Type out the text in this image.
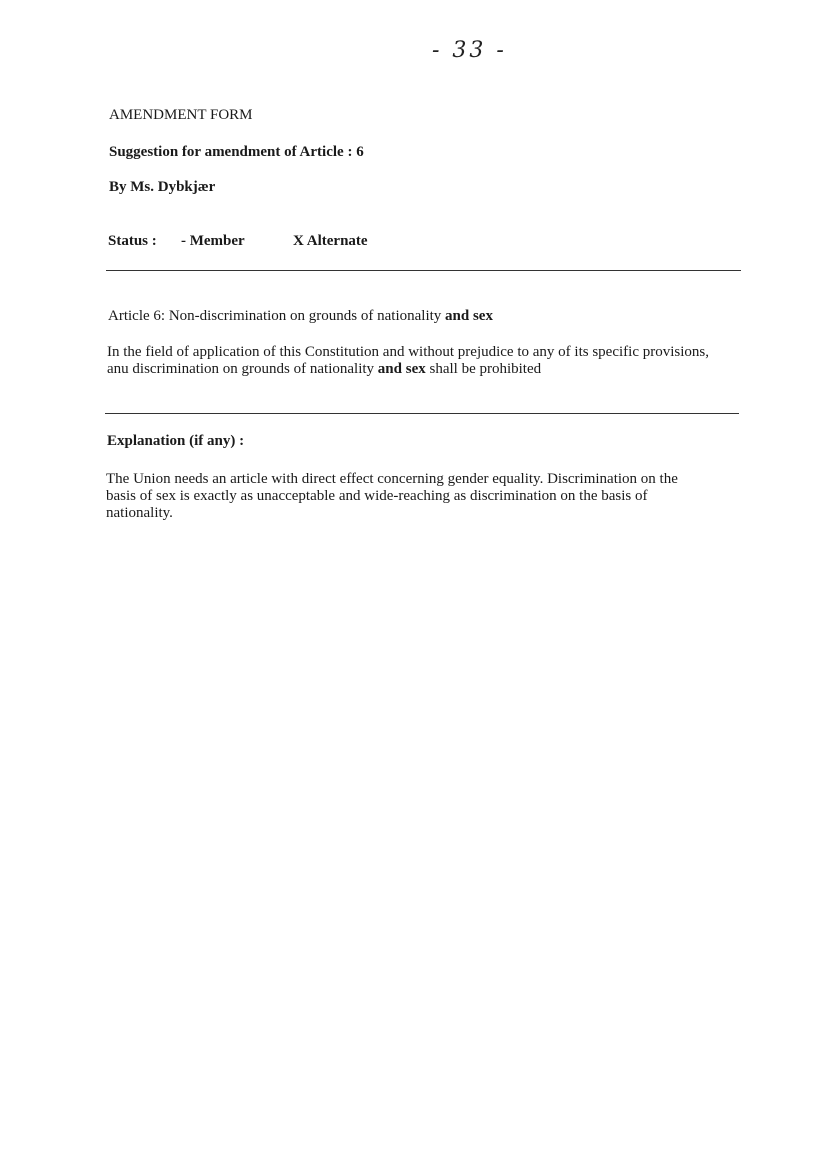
- 33 -
AMENDMENT FORM
Suggestion for amendment of Article : 6
By Ms. Dybkjær
Status : - Member	X Alternate
Article 6: Non-discrimination on grounds of nationality and sex
In the field of application of this Constitution and without prejudice to any of its specific provisions,
anu discrimination on grounds of nationality and sex shall be prohibited
Explanation (if any) :
The Union needs an article with direct effect concerning gender equality. Discrimination on the
basis of sex is exactly as unacceptable and wide-reaching as discrimination on the basis of
nationality.
